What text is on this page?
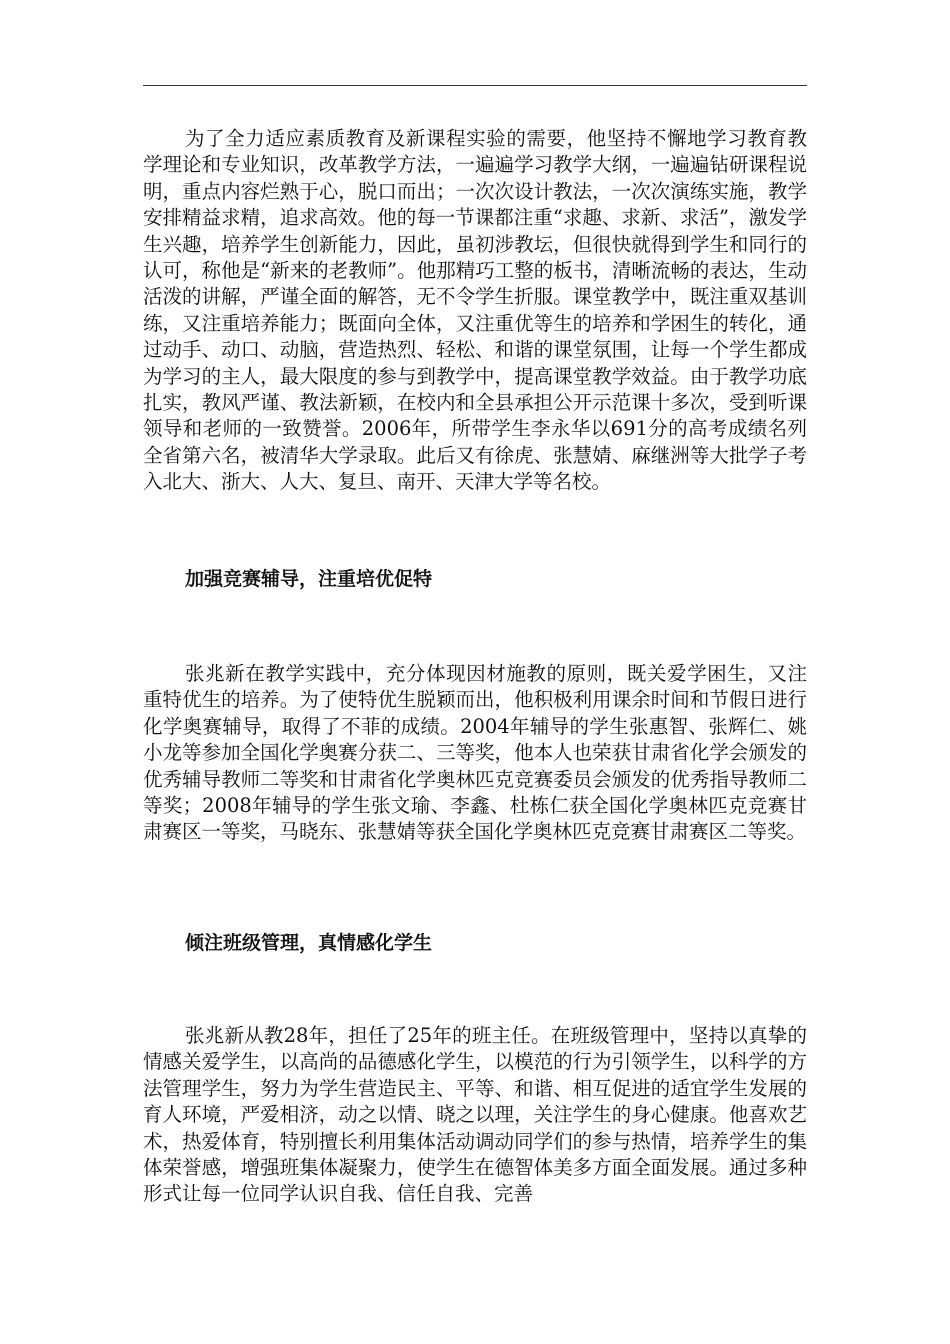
为了全力适应素质教育及新课程实验的需要，他坚持不懈地学习教育教学理论和专业知识，改革教学方法，一遍遍学习教学大纲，一遍遍钻研课程说明，重点内容烂熟于心，脱口而出；一次次设计教法，一次次演练实施，教学安排精益求精，追求高效。他的每一节课都注重“求趣、求新、求活”，激发学生兴趣，培养学生创新能力，因此，虽初涉教坛，但很快就得到学生和同行的认可，称他是“新来的老教师”。他那精巧工整的板书，清晰流畅的表达，生动活泼的讲解，严谨全面的解答，无不令学生折服。课堂教学中，既注重双基训练，又注重培养能力；既面向全体，又注重优等生的培养和学困生的转化，通过动手、动口、动脑，营造热烈、轻松、和谐的课堂氛围，让每一个学生都成为学习的主人，最大限度的参与到教学中，提高课堂教学效益。由于教学功底扎实，教风严谨、教法新颖，在校内和全县承担公开示范课十多次，受到听课领导和老师的一致赞誉。2006年，所带学生李永华以691分的高考成绩名列全省第六名，被清华大学录取。此后又有徐虎、张慧婧、麻继洲等大批学子考入北大、浙大、人大、复旦、南开、天津大学等名校。

加强竞赛辅导，注重培优促特

张兆新在教学实践中，充分体现因材施教的原则，既关爱学困生，又注重特优生的培养。为了使特优生脱颖而出，他积极利用课余时间和节假日进行化学奥赛辅导，取得了不菲的成绩。2004年辅导的学生张惠智、张辉仁、姚小龙等参加全国化学奥赛分获二、三等奖，他本人也荣获甘肃省化学会颁发的优秀辅导教师二等奖和甘肃省化学奥林匹克竞赛委员会颁发的优秀指导教师二等奖；2008年辅导的学生张文瑜、李鑫、杜栋仁获全国化学奥林匹克竞赛甘肃赛区一等奖，马晓东、张慧婧等获全国化学奥林匹克竞赛甘肃赛区二等奖。

倾注班级管理，真情感化学生

张兆新从教28年，担任了25年的班主任。在班级管理中，坚持以真挚的情感关爱学生，以高尚的品德感化学生，以模范的行为引领学生，以科学的方法管理学生，努力为学生营造民主、平等、和谐、相互促进的适宜学生发展的育人环境，严爱相济，动之以情、晓之以理，关注学生的身心健康。他喜欢艺术，热爱体育，特别擅长利用集体活动调动同学们的参与热情，培养学生的集体荣誉感，增强班集体凝聚力，使学生在德智体美多方面全面发展。通过多种形式让每一位同学认识自我、信任自我、完善
